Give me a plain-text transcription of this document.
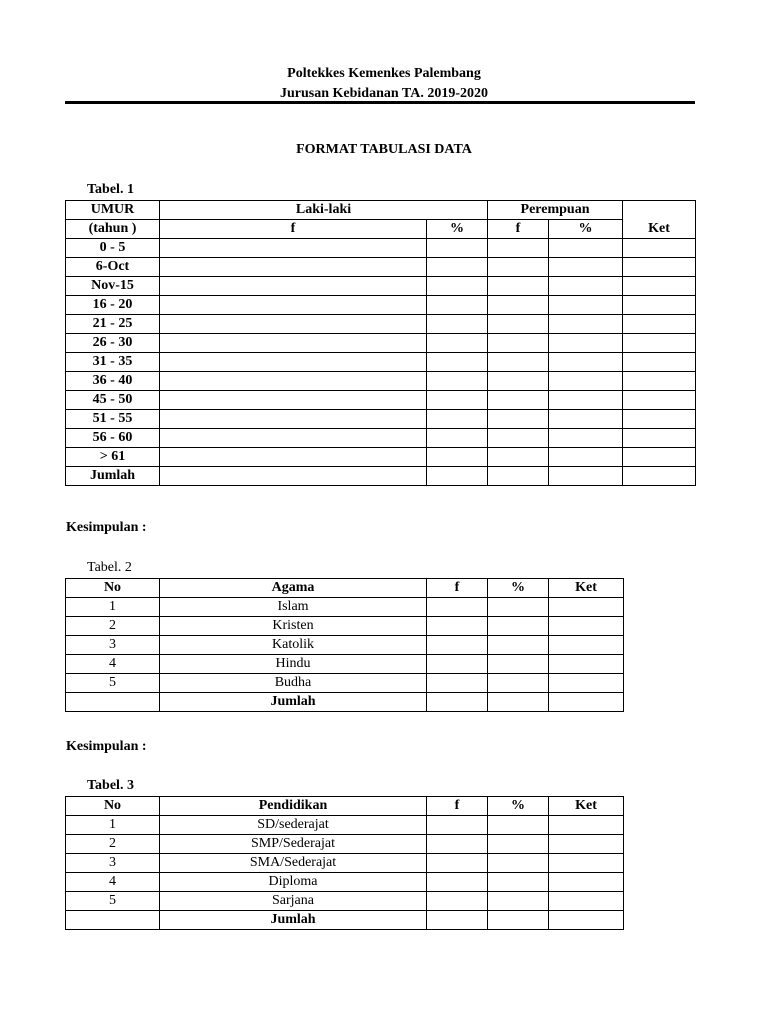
Poltekkes Kemenkes Palembang
Jurusan Kebidanan TA. 2019-2020
FORMAT TABULASI DATA
Tabel. 1
UMUR	Laki-laki		Perempuan		Ket
(tahun )	f	%	f	%	
0 - 5					
6-Oct					
Nov-15					
16 - 20					
21 - 25					
26 - 30					
31 - 35					
36 - 40					
45 - 50					
51 - 55					
56 - 60					
> 61					
Jumlah					
Kesimpulan :
Tabel. 2
No	Agama	f	%	Ket
1	Islam			
2	Kristen			
3	Katolik			
4	Hindu			
5	Budha			
	Jumlah			
Kesimpulan :
Tabel. 3
No	Pendidikan	f	%	Ket
1	SD/sederajat			
2	SMP/Sederajat			
3	SMA/Sederajat			
4	Diploma			
5	Sarjana			
	Jumlah			
